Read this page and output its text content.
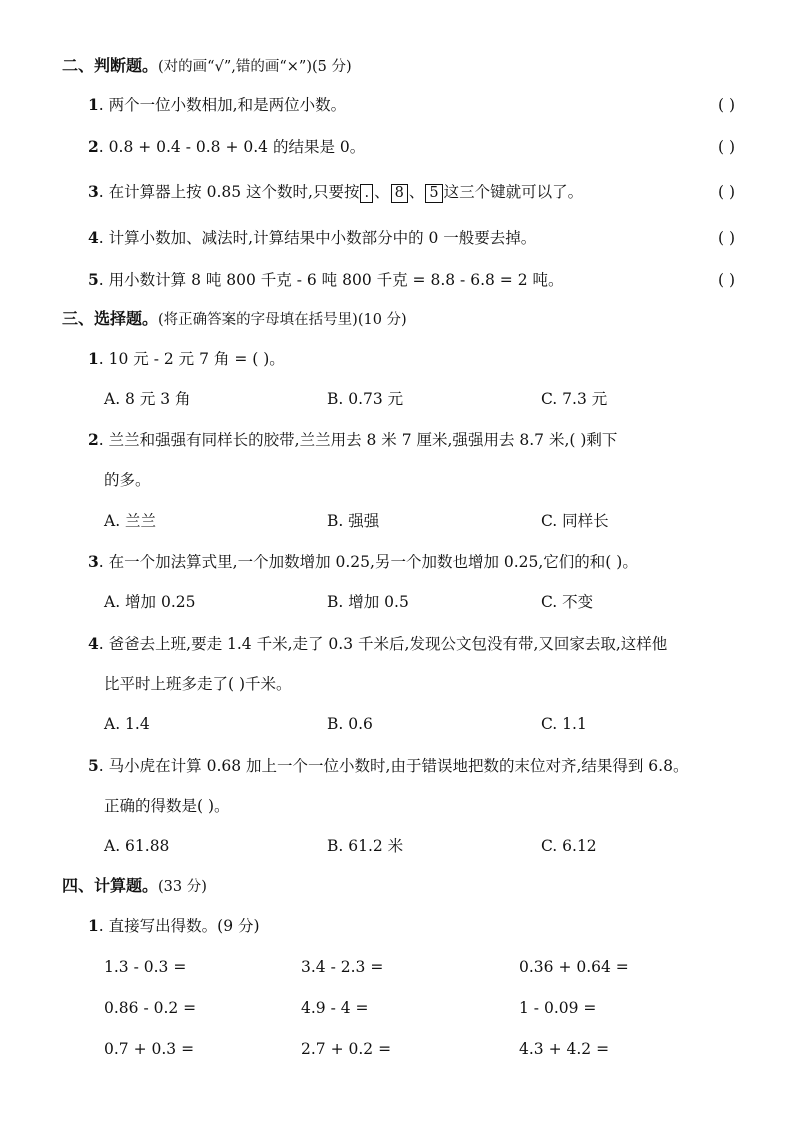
二、判断题。(对的画“√”,错的画“×”)(5 分)
1. 两个一位小数相加,和是两位小数。	( )
2. 0.8 + 0.4 - 0.8 + 0.4 的结果是 0。	( )
3. 在计算器上按 0.85 这个数时,只要按 . 、 8 、 5 这三个键就可以了。	( )
4. 计算小数加、减法时,计算结果中小数部分中的 0 一般要去掉。	( )
5. 用小数计算 8 吨 800 千克 - 6 吨 800 千克 = 8.8 - 6.8 = 2 吨。	( )
三、选择题。(将正确答案的字母填在括号里)(10 分)
1. 10 元 - 2 元 7 角 = ( )。
A. 8 元 3 角	B. 0.73 元	C. 7.3 元
2. 兰兰和强强有同样长的胶带,兰兰用去 8 米 7 厘米,强强用去 8.7 米,( )剩下
的多。
A. 兰兰	B. 强强	C. 同样长
3. 在一个加法算式里,一个加数增加 0.25,另一个加数也增加 0.25,它们的和( )。
A. 增加 0.25	B. 增加 0.5	C. 不变
4. 爸爸去上班,要走 1.4 千米,走了 0.3 千米后,发现公文包没有带,又回家去取,这样他
比平时上班多走了( )千米。
A. 1.4	B. 0.6	C. 1.1
5. 马小虎在计算 0.68 加上一个一位小数时,由于错误地把数的末位对齐,结果得到 6.8。
正确的得数是( )。
A. 61.88	B. 61.2 米	C. 6.12
四、计算题。(33 分)
1. 直接写出得数。(9 分)
1.3 - 0.3 =	3.4 - 2.3 =	0.36 + 0.64 =
0.86 - 0.2 =	4.9 - 4 =	1 - 0.09 =
0.7 + 0.3 =	2.7 + 0.2 =	4.3 + 4.2 =
